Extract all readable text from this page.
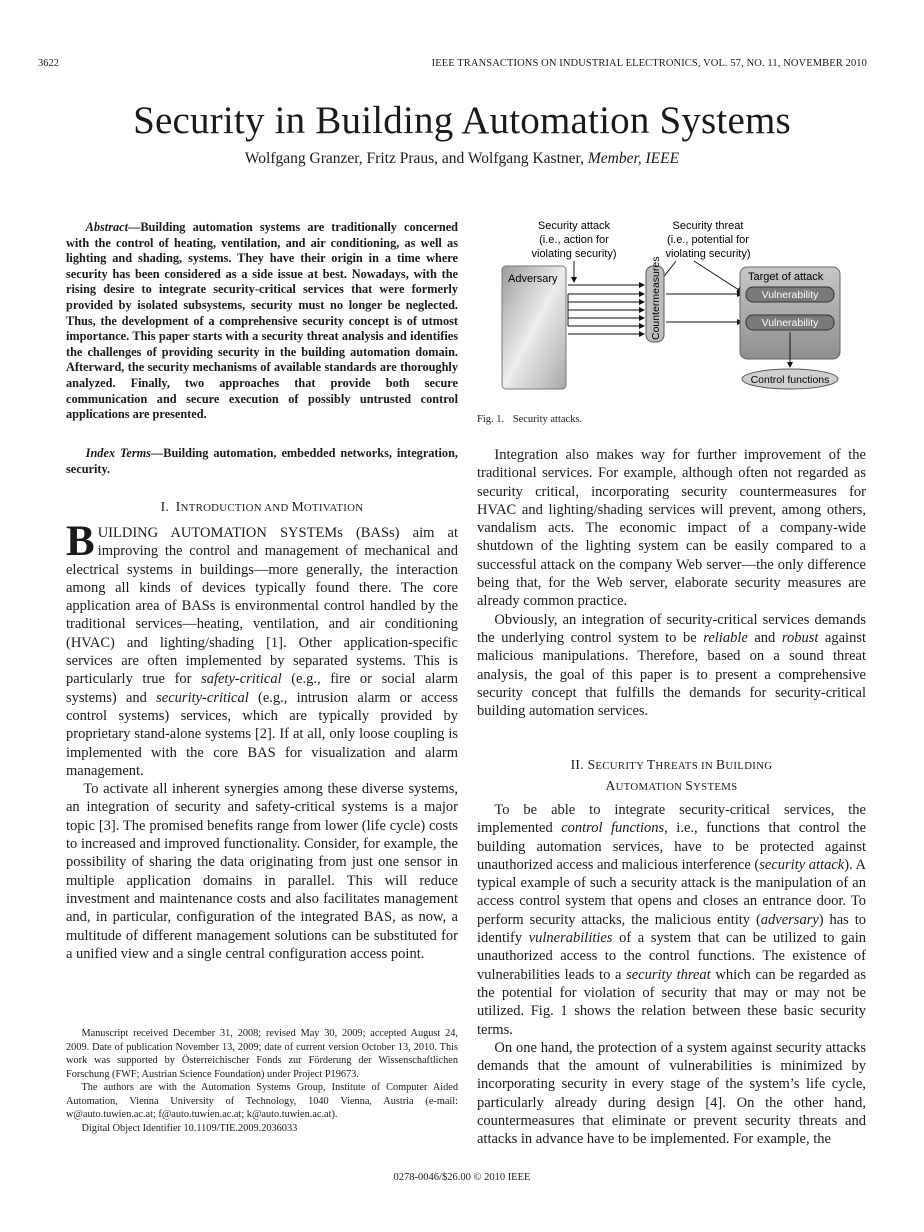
3622	IEEE TRANSACTIONS ON INDUSTRIAL ELECTRONICS, VOL. 57, NO. 11, NOVEMBER 2010
Security in Building Automation Systems
Wolfgang Granzer, Fritz Praus, and Wolfgang Kastner, Member, IEEE

Abstract—Building automation systems are traditionally concerned with the control of heating, ventilation, and air conditioning, as well as lighting and shading, systems. They have their origin in a time where security has been considered as a side issue at best. Nowadays, with the rising desire to integrate security-critical services that were formerly provided by isolated subsystems, security must no longer be neglected. Thus, the development of a comprehensive security concept is of utmost importance. This paper starts with a security threat analysis and identifies the challenges of providing security in the building automation domain. Afterward, the security mechanisms of available standards are thoroughly analyzed. Finally, two approaches that provide both secure communication and secure execution of possibly untrusted control applications are presented.

Index Terms—Building automation, embedded networks, integration, security.

I. INTRODUCTION AND MOTIVATION

BUILDING AUTOMATION SYSTEMs (BASs) aim at improving the control and management of mechanical and electrical systems in buildings—more generally, the interaction among all kinds of devices typically found there. The core application area of BASs is environmental control handled by the traditional services—heating, ventilation, and air conditioning (HVAC) and lighting/shading [1]. Other application-specific services are often implemented by separated systems. This is particularly true for safety-critical (e.g., fire or social alarm systems) and security-critical (e.g., intrusion alarm or access control systems) services, which are typically provided by proprietary stand-alone systems [2]. If at all, only loose coupling is implemented with the core BAS for visualization and alarm management.

To activate all inherent synergies among these diverse systems, an integration of security and safety-critical systems is a major topic [3]. The promised benefits range from lower (life cycle) costs to increased and improved functionality. Consider, for example, the possibility of sharing the data originating from just one sensor in multiple application domains in parallel. This will reduce investment and maintenance costs and also facilitates management and, in particular, configuration of the integrated BAS, as now, a multitude of different management solutions can be substituted for a unified view and a single central configuration access point.

Manuscript received December 31, 2008; revised May 30, 2009; accepted August 24, 2009. Date of publication November 13, 2009; date of current version October 13, 2010. This work was supported by Österreichischer Fonds zur Förderung der Wissenschaftlichen Forschung (FWF; Austrian Science Foundation) under Project P19673.

The authors are with the Automation Systems Group, Institute of Computer Aided Automation, Vienna University of Technology, 1040 Vienna, Austria (e-mail: w@auto.tuwien.ac.at; f@auto.tuwien.ac.at; k@auto.tuwien.ac.at).

Digital Object Identifier 10.1109/TIE.2009.2036033

Security attack
(i.e., action for
violating security)
Security threat
(i.e., potential for
violating security)
Adversary	Countermeasures	Target of attack
Vulnerability
Vulnerability
Control functions
Fig. 1. Security attacks.

Integration also makes way for further improvement of the traditional services. For example, although often not regarded as security critical, incorporating security countermeasures for HVAC and lighting/shading services will prevent, among others, vandalism acts. The economic impact of a company-wide shutdown of the lighting system can be easily compared to a successful attack on the company Web server—the only difference being that, for the Web server, elaborate security measures are already common practice.

Obviously, an integration of security-critical services demands the underlying control system to be reliable and robust against malicious manipulations. Therefore, based on a sound threat analysis, the goal of this paper is to present a comprehensive security concept that fulfills the demands for security-critical building automation services.

II. SECURITY THREATS IN BUILDING
AUTOMATION SYSTEMS

To be able to integrate security-critical services, the implemented control functions, i.e., functions that control the building automation services, have to be protected against unauthorized access and malicious interference (security attack). A typical example of such a security attack is the manipulation of an access control system that opens and closes an entrance door. To perform security attacks, the malicious entity (adversary) has to identify vulnerabilities of a system that can be utilized to gain unauthorized access to the control functions. The existence of vulnerabilities leads to a security threat which can be regarded as the potential for violation of security that may or may not be utilized. Fig. 1 shows the relation between these basic security terms.

On one hand, the protection of a system against security attacks demands that the amount of vulnerabilities is minimized by incorporating security in every stage of the system’s life cycle, particularly already during design [4]. On the other hand, countermeasures that eliminate or prevent security threats and attacks in advance have to be implemented. For example, the

0278-0046/$26.00 © 2010 IEEE
